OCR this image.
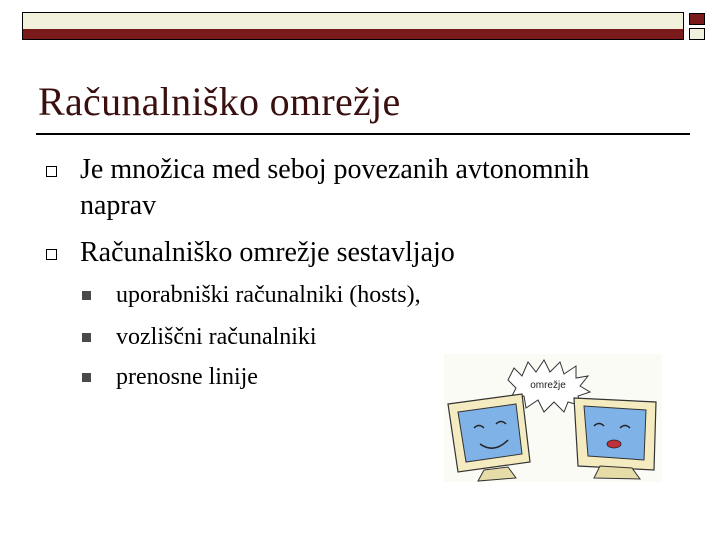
Računalniško omrežje
Je množica med seboj povezanih avtonomnih
naprav
Računalniško omrežje sestavljajo
uporabniški računalniki (hosts),
vozliščni računalniki
prenosne linije	omrežje
